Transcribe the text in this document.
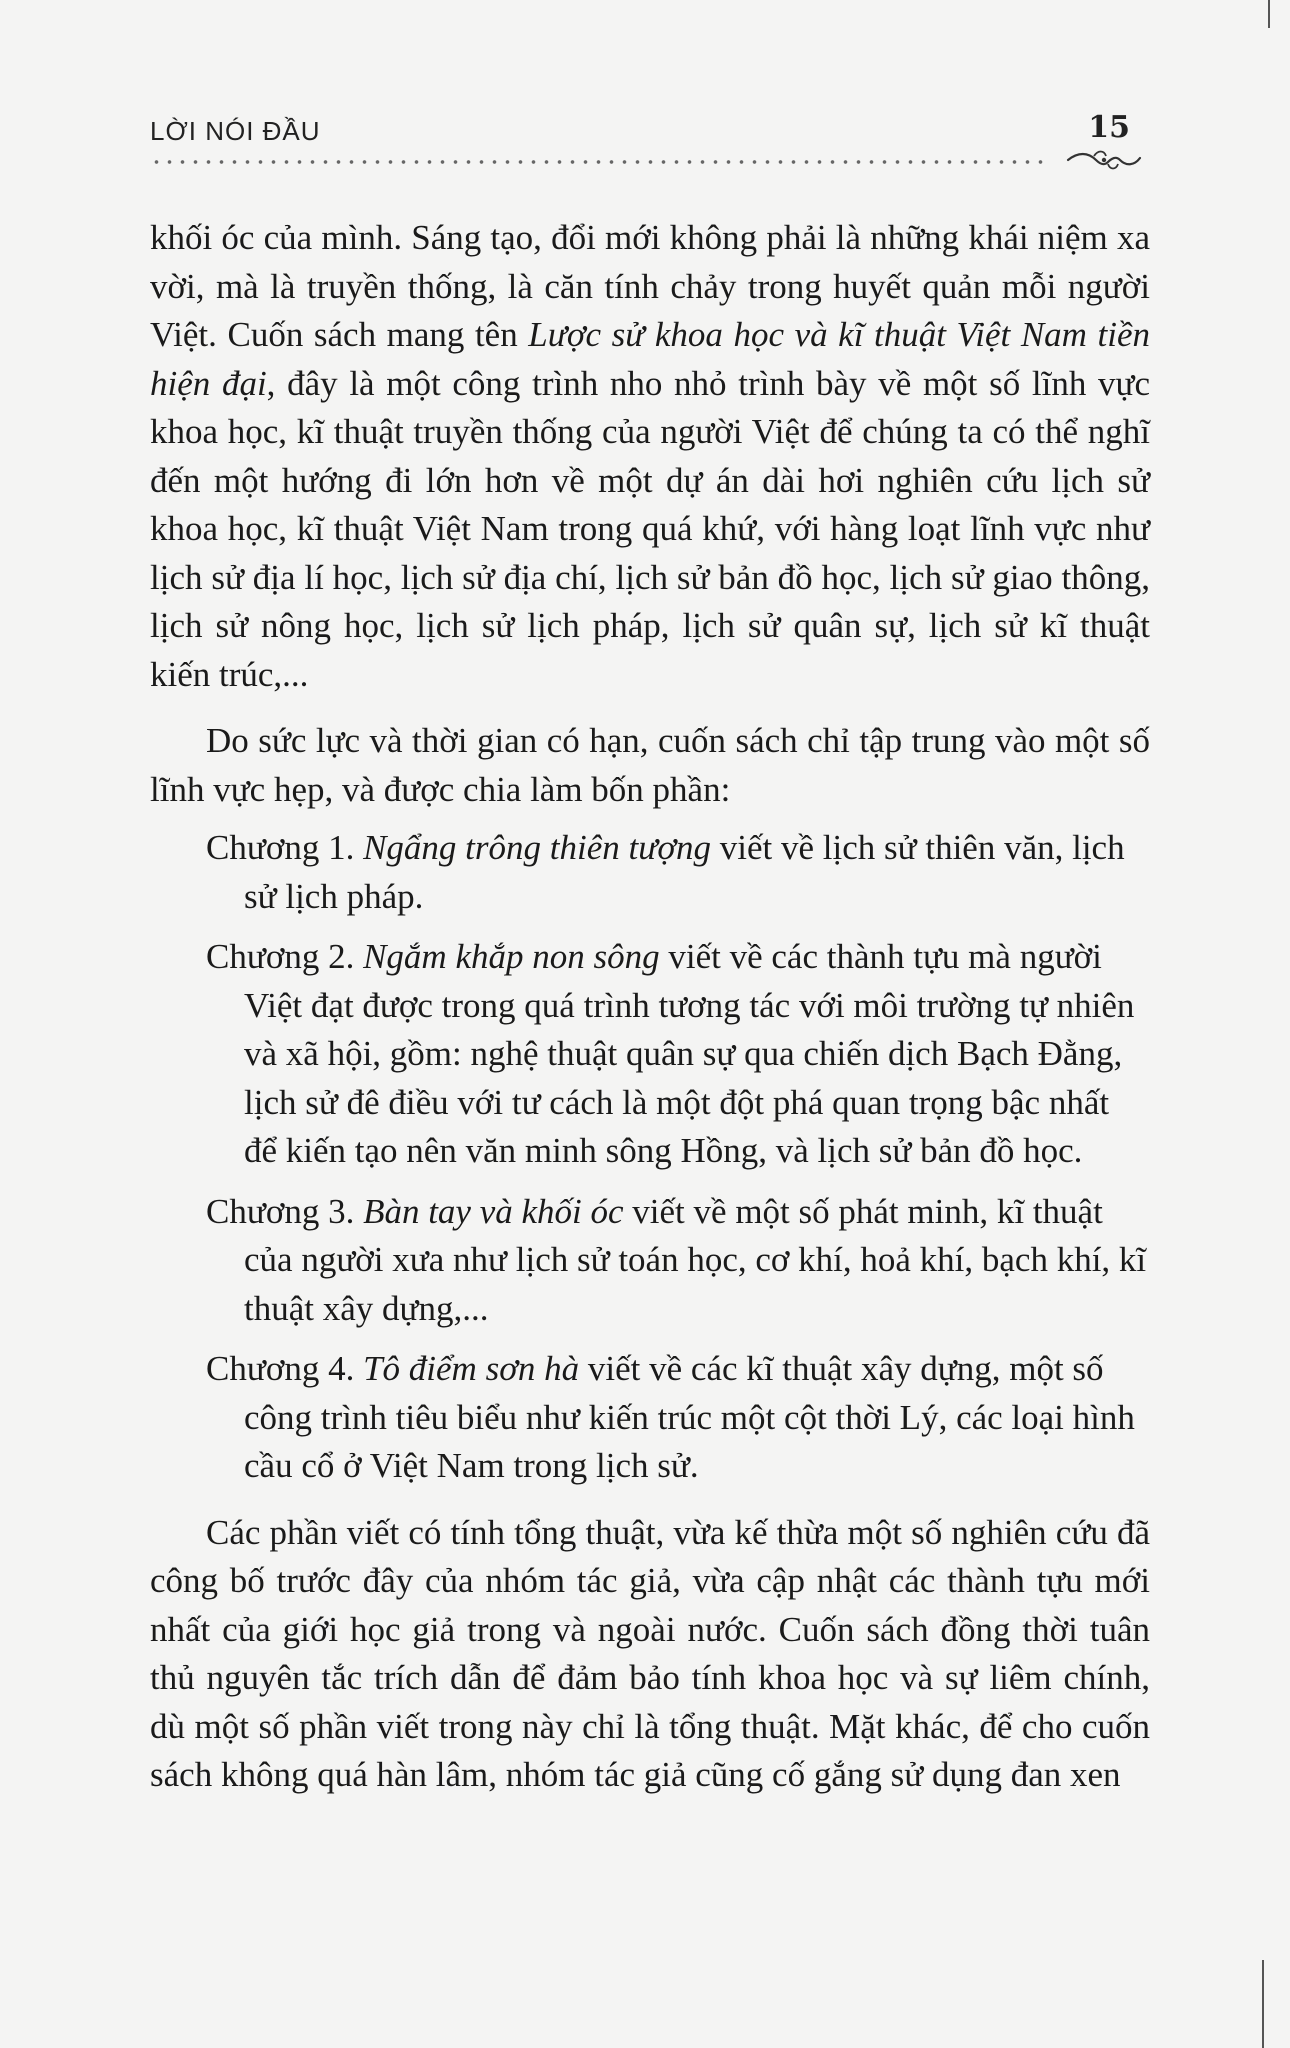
LỜI NÓI ĐẦU	15

khối óc của mình. Sáng tạo, đổi mới không phải là những khái niệm xa vời, mà là truyền thống, là căn tính chảy trong huyết quản mỗi người Việt. Cuốn sách mang tên Lược sử khoa học và kĩ thuật Việt Nam tiền hiện đại, đây là một công trình nho nhỏ trình bày về một số lĩnh vực khoa học, kĩ thuật truyền thống của người Việt để chúng ta có thể nghĩ đến một hướng đi lớn hơn về một dự án dài hơi nghiên cứu lịch sử khoa học, kĩ thuật Việt Nam trong quá khứ, với hàng loạt lĩnh vực như lịch sử địa lí học, lịch sử địa chí, lịch sử bản đồ học, lịch sử giao thông, lịch sử nông học, lịch sử lịch pháp, lịch sử quân sự, lịch sử kĩ thuật kiến trúc,...

Do sức lực và thời gian có hạn, cuốn sách chỉ tập trung vào một số lĩnh vực hẹp, và được chia làm bốn phần:

Chương 1. Ngẩng trông thiên tượng viết về lịch sử thiên văn, lịch sử lịch pháp.

Chương 2. Ngắm khắp non sông viết về các thành tựu mà người Việt đạt được trong quá trình tương tác với môi trường tự nhiên và xã hội, gồm: nghệ thuật quân sự qua chiến dịch Bạch Đằng, lịch sử đê điều với tư cách là một đột phá quan trọng bậc nhất để kiến tạo nên văn minh sông Hồng, và lịch sử bản đồ học.

Chương 3. Bàn tay và khối óc viết về một số phát minh, kĩ thuật của người xưa như lịch sử toán học, cơ khí, hoả khí, bạch khí, kĩ thuật xây dựng,...

Chương 4. Tô điểm sơn hà viết về các kĩ thuật xây dựng, một số công trình tiêu biểu như kiến trúc một cột thời Lý, các loại hình cầu cổ ở Việt Nam trong lịch sử.

Các phần viết có tính tổng thuật, vừa kế thừa một số nghiên cứu đã công bố trước đây của nhóm tác giả, vừa cập nhật các thành tựu mới nhất của giới học giả trong và ngoài nước. Cuốn sách đồng thời tuân thủ nguyên tắc trích dẫn để đảm bảo tính khoa học và sự liêm chính, dù một số phần viết trong này chỉ là tổng thuật. Mặt khác, để cho cuốn sách không quá hàn lâm, nhóm tác giả cũng cố gắng sử dụng đan xen
